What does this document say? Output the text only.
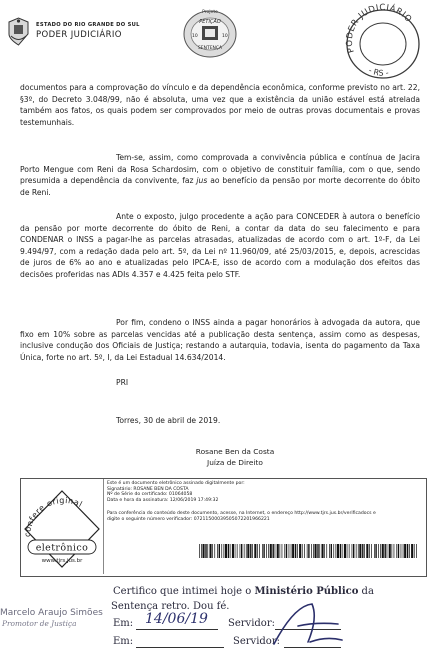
ESTADO DO RIO GRANDE DO SUL
PODER JUDICIÁRIO
Projeto
PETIÇÃO
10
SENTENÇA
10
PODER JUDICIÁRIO
- RS -

documentos para a comprovação do vínculo e da dependência econômica, conforme previsto no art. 22, §3º, do Decreto 3.048/99, não é absoluta, uma vez que a existência da união estável está atrelada também aos fatos, os quais podem ser comprovados por meio de outras provas documentais e provas testemunhais.

Tem-se, assim, como comprovada a convivência pública e contínua de Jacira Porto Mengue com Reni da Rosa Schardosim, com o objetivo de constituir família, com o que, sendo presumida a dependência da convivente, faz jus ao benefício da pensão por morte decorrente do óbito de Reni.

Ante o exposto, julgo procedente a ação para CONCEDER à autora o benefício da pensão por morte decorrente do óbito de Reni, a contar da data do seu falecimento e para CONDENAR o INSS a pagar-lhe as parcelas atrasadas, atualizadas de acordo com o art. 1º-F, da Lei 9.494/97, com a redação dada pelo art. 5º, da Lei nº 11.960/09, até 25/03/2015, e, depois, acrescidas de juros de 6% ao ano e atualizadas pelo IPCA-E, isso de acordo com a modulação dos efeitos das decisões proferidas nas ADIs 4.357 e 4.425 feita pelo STF.

Por fim, condeno o INSS ainda a pagar honorários à advogada da autora, que fixo em 10% sobre as parcelas vencidas até a publicação desta sentença, assim como as despesas, inclusive condução dos Oficiais de Justiça; restando a autarquia, todavia, isenta do pagamento da Taxa Única, forte no art. 5º, I, da Lei Estadual 14.634/2014.

PRI
Torres, 30 de abril de 2019.
Rosane Ben da Costa
Juíza de Direito
confere original
eletrônico
www.tjrs.jus.br
Este é um documento eletrônico assinado digitalmente por:
Signatário: ROSANE BEN DA COSTA
Nº de Série do certificado: 01064058
Data e hora da assinatura: 12/06/2019 17:49:32
Para conferência do conteúdo deste documento, acesse, na Internet, o endereço http://www.tjrs.jus.br/verificadocs e
digite o seguinte número verificador: 072115000395050722019662​21
Marcelo Araujo Simões
Promotor de Justiça
Certifico que intimei hoje o Ministério Público da
Sentença retro. Dou fé.
Em: 14/06/19 Servidor:
Em:	Servidor:
